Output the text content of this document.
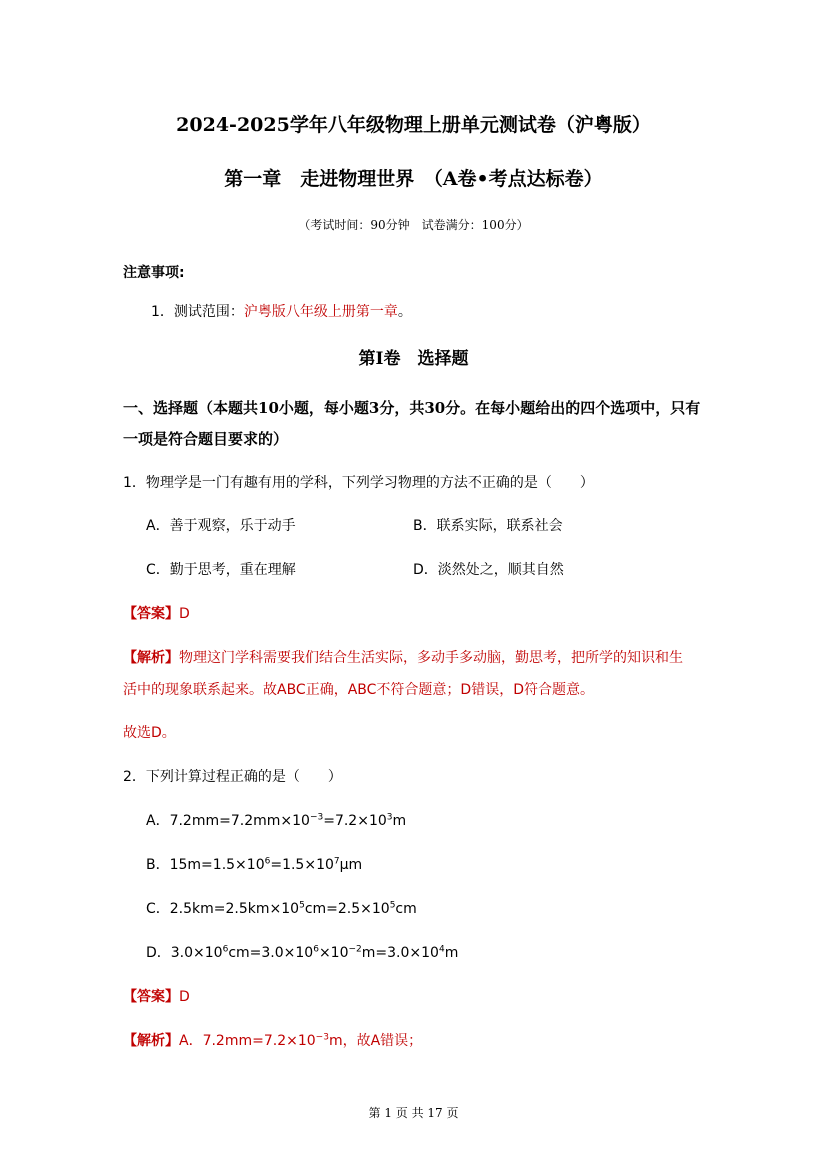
2024-2025学年八年级物理上册单元测试卷（沪粤版）
第一章　走进物理世界　（A卷•考点达标卷）
（考试时间：90分钟　试卷满分：100分）
注意事项:
1．测试范围：沪粤版八年级上册第一章。
第Ⅰ卷　选择题
一、选择题（本题共10小题，每小题3分，共30分。在每小题给出的四个选项中，只有
一项是符合题目要求的）
1．物理学是一门有趣有用的学科，下列学习物理的方法不正确的是（　　）
A．善于观察，乐于动手	B．联系实际，联系社会
C．勤于思考，重在理解	D．淡然处之，顺其自然
【答案】D
【解析】物理这门学科需要我们结合生活实际，多动手多动脑，勤思考，把所学的知识和生
活中的现象联系起来。故ABC正确，ABC不符合题意；D错误，D符合题意。
故选D。
2．下列计算过程正确的是（　　）
A．$7.2mm=7.2mm\times 10^{-3}=7.2\times 10^3m$
B．$15m=1.5\times 10^6=1.5\times 10^7\mu m$
C．$2.5km=2.5km\times 10^5cm=2.5\times 10^5cm$
D．$3.0\times 10^6cm=3.0\times 10^6\times 10^{-2}m=3.0\times 10^4m$
【答案】D
【解析】A．$7.2mm=7.2\times 10^{-3}m$，故A错误；
第 1 页 共 17 页
